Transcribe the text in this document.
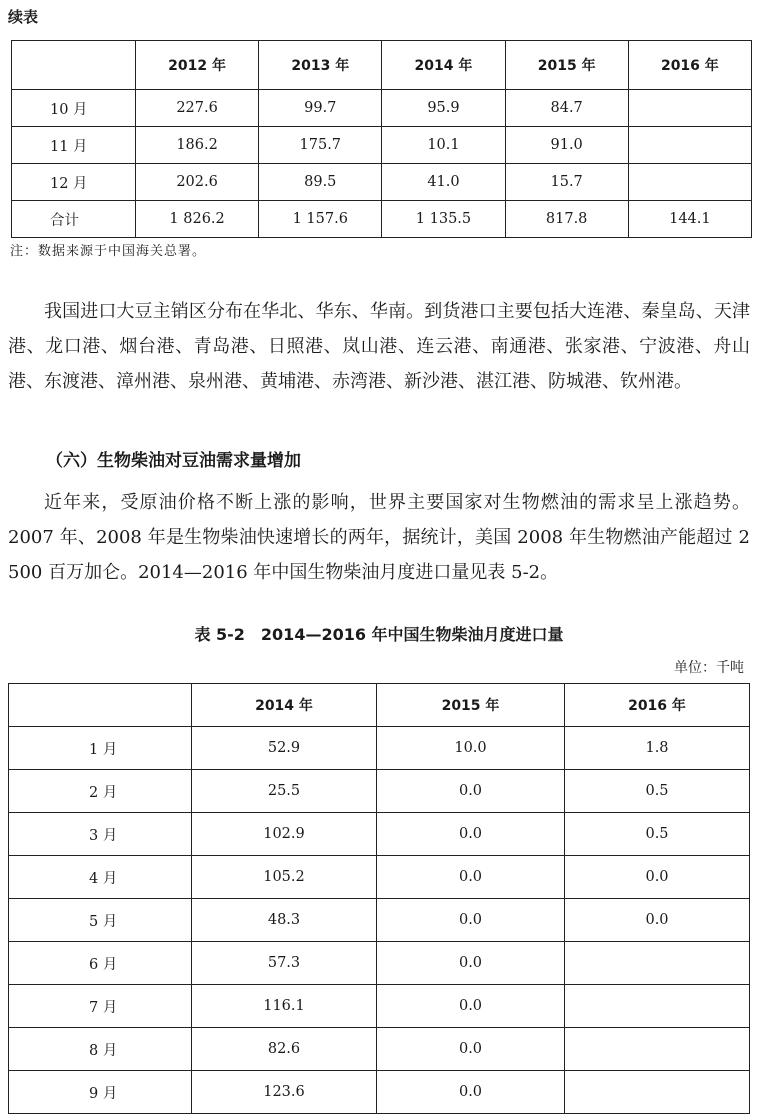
续表
	2012 年	2013 年	2014 年	2015 年	2016 年
10 月	227.6	99.7	95.9	84.7	
11 月	186.2	175.7	10.1	91.0	
12 月	202.6	89.5	41.0	15.7	
合计	1 826.2	1 157.6	1 135.5	817.8	144.1
注：数据来源于中国海关总署。

我国进口大豆主销区分布在华北、华东、华南。到货港口主要包括大连港、秦皇岛、天津港、龙口港、烟台港、青岛港、日照港、岚山港、连云港、南通港、张家港、宁波港、舟山港、东渡港、漳州港、泉州港、黄埔港、赤湾港、新沙港、湛江港、防城港、钦州港。

（六）生物柴油对豆油需求量增加

近年来，受原油价格不断上涨的影响，世界主要国家对生物燃油的需求呈上涨趋势。2007 年、2008 年是生物柴油快速增长的两年，据统计，美国 2008 年生物燃油产能超过 2 500 百万加仑。2014—2016 年中国生物柴油月度进口量见表 5-2。

表 5-2　2014—2016 年中国生物柴油月度进口量
单位：千吨
	2014 年	2015 年	2016 年
1 月	52.9	10.0	1.8
2 月	25.5	0.0	0.5
3 月	102.9	0.0	0.5
4 月	105.2	0.0	0.0
5 月	48.3	0.0	0.0
6 月	57.3	0.0	
7 月	116.1	0.0	
8 月	82.6	0.0	
9 月	123.6	0.0	
